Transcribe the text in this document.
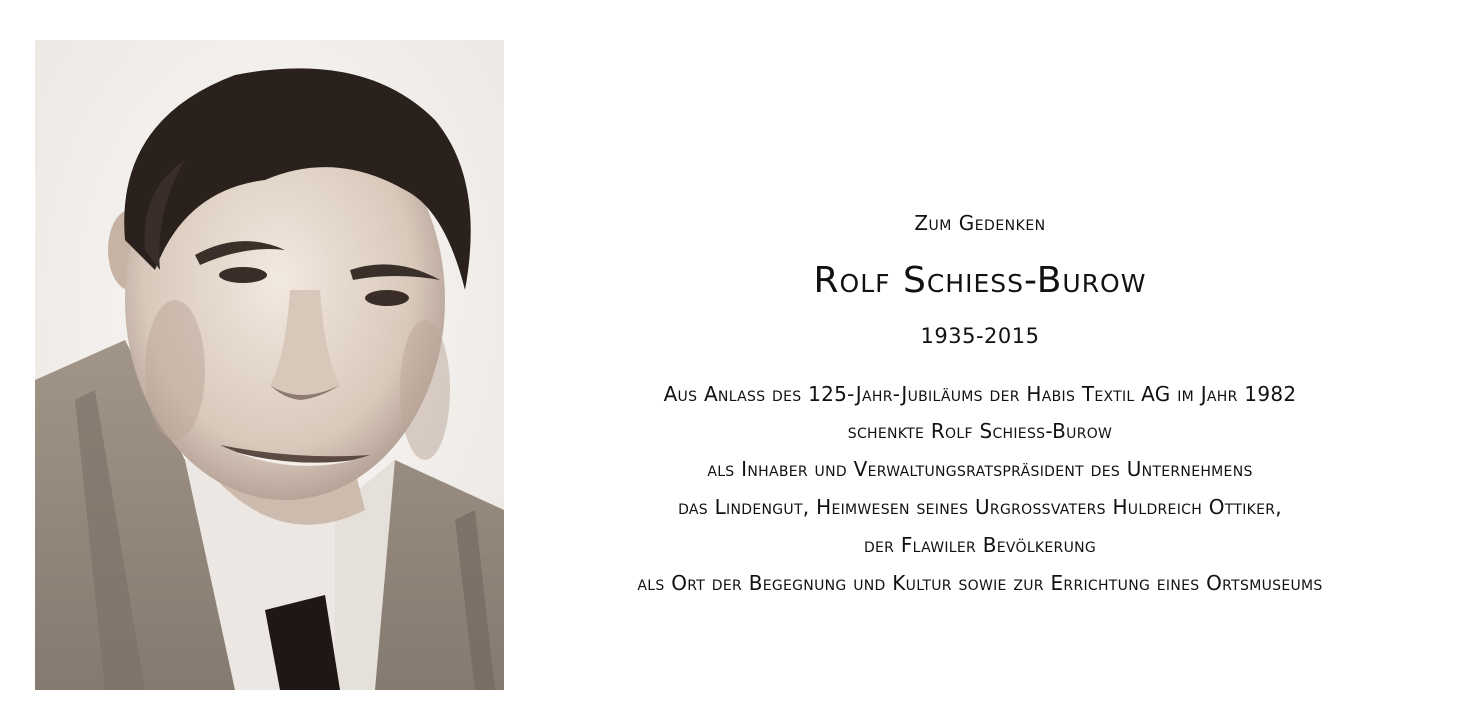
Zum Gedenken
Rolf Schiess-Burow
1935-2015
Aus Anlass des 125-Jahr-Jubiläums der Habis Textil AG im Jahr 1982
schenkte Rolf Schiess-Burow
als Inhaber und Verwaltungsratspräsident des Unternehmens
das Lindengut, Heimwesen seines Urgrossvaters Huldreich Ottiker,
der Flawiler Bevölkerung
als Ort der Begegnung und Kultur sowie zur Errichtung eines Ortsmuseums
